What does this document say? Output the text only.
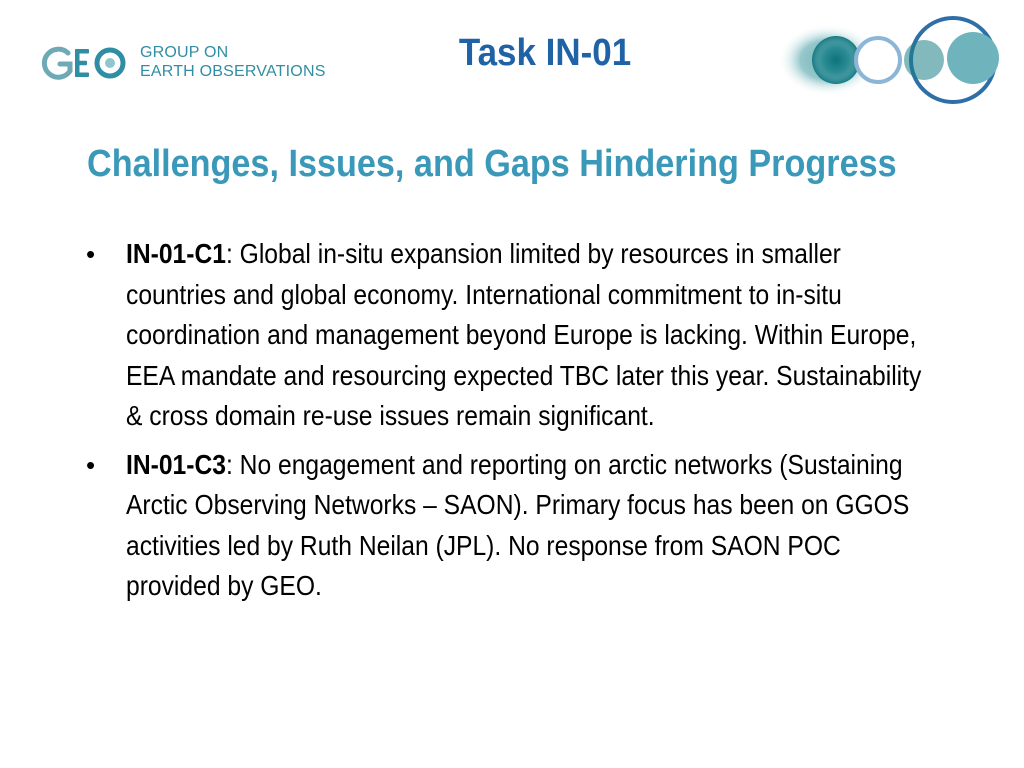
GROUP ON
EARTH OBSERVATIONS	Task IN-01
Challenges, Issues, and Gaps Hindering Progress
•	IN-01-C1: Global in-situ expansion limited by resources in smaller countries and global economy. International commitment to in-situ coordination and management beyond Europe is lacking. Within Europe, EEA mandate and resourcing expected TBC later this year. Sustainability & cross domain re-use issues remain significant.
•	IN-01-C3: No engagement and reporting on arctic networks (Sustaining Arctic Observing Networks – SAON). Primary focus has been on GGOS activities led by Ruth Neilan (JPL). No response from SAON POC provided by GEO.
